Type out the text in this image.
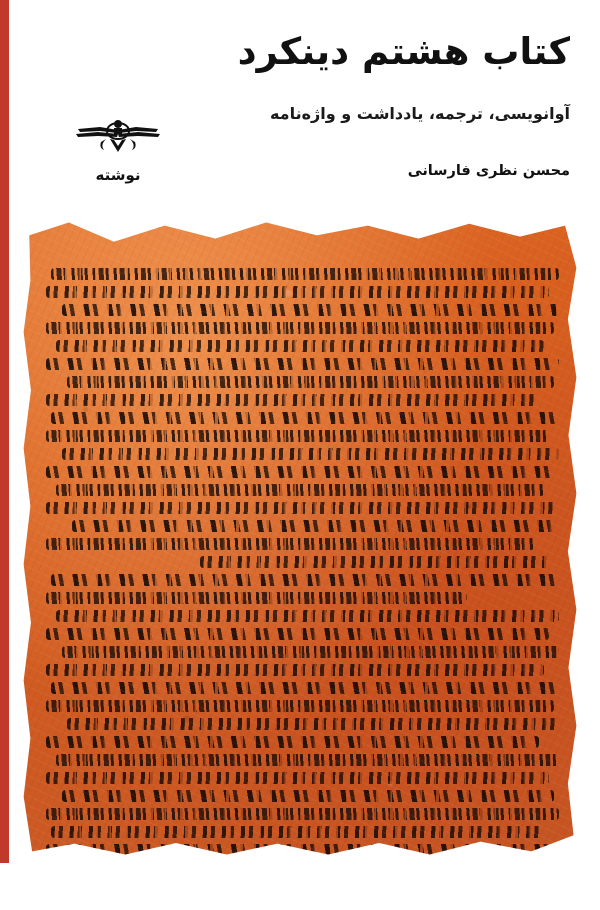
کتاب هشتم دینکرد
آوانویسی، ترجمه، یادداشت و واژه‌نامه
محسن نظری فارسانی
نوشته
